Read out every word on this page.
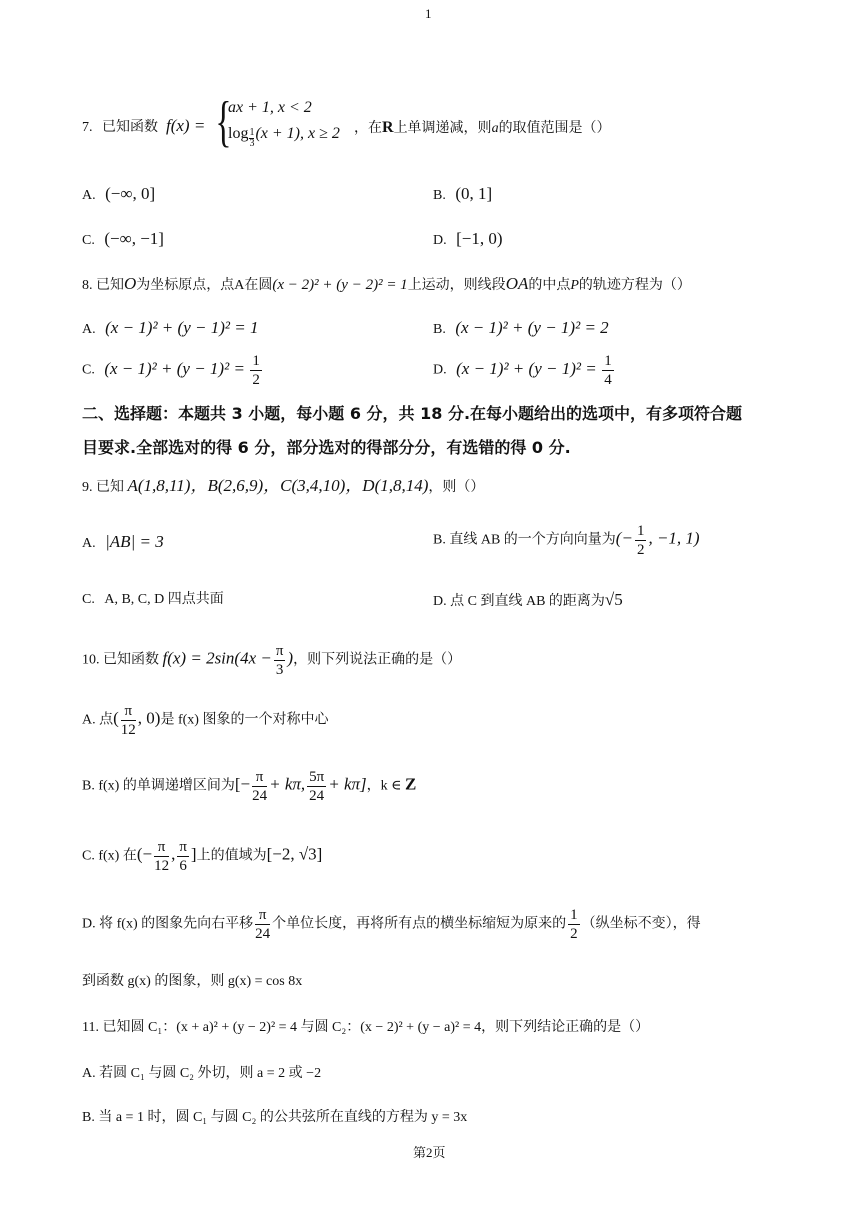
1
7. 已知函数 f(x) = {
ax + 1, x < 2
$\log \frac{1}{3} (x + 1)$, x ≥ 2 ，在R上单调递减，则a的取值范围是（）
A. (−∞, 0]	B. (0, 1]
C. (−∞, −1]	D. [−1, 0)
8. 已知O为坐标原点，点A在圆(x − 2)² + (y − 2)² = 1上运动，则线段OA的中点P的轨迹方程为（）
A. (x − 1)² + (y − 1)² = 1	B. (x − 1)² + (y − 1)² = 2
C. $(x - 1)^2 + (y - 1)^2 = \frac{1}{2}$	D. $(x - 1)^2 + (y - 1)^2 = \frac{1}{4}$
二、选择题：本题共 3 小题，每小题 6 分，共 18 分.在每小题给出的选项中，有多项符合题
目要求.全部选对的得 6 分，部分选对的得部分分，有选错的得 0 分.
9. 已知 A(1,8,11)，B(2,6,9)，C(3,4,10)，D(1,8,14)，则（）
A. |AB| = 3	B. 直线 AB 的一个方向向量为(− $\frac{1}{2}$ , −1, 1)
C. A, B, C, D 四点共面	D. 点 C 到直线 AB 的距离为√5
10. 已知函数 $f(x) = 2\sin(4x - \frac{\pi}{3}$ )，则下列说法正确的是（）
A. 点( $\frac{\pi}{12}$ , 0)是 f(x) 图象的一个对称中心
B. f(x) 的单调递增区间为[− $\frac{\pi}{24} + k\pi$, $\frac{5\pi}{24} + k\pi$]，k ∈ Z
C. f(x) 在(− $\frac{\pi}{12}$ , $\frac{\pi}{6}$ ]上的值域为[−2, √3]
D. 将 f(x) 的图象先向右平移 $\frac{\pi}{24}$ 个单位长度，再将所有点的横坐标缩短为原来的 $\frac{1}{2}$ （纵坐标不变），得
到函数 g(x) 的图象，则 g(x) = cos 8x
11. 已知圆 C₁：(x + a)² + (y − 2)² = 4 与圆 C₂：(x − 2)² + (y − a)² = 4，则下列结论正确的是（）
A. 若圆 C₁ 与圆 C₂ 外切，则 a = 2 或 −2
B. 当 a = 1 时，圆 C₁ 与圆 C₂ 的公共弦所在直线的方程为 y = 3x
第2页
